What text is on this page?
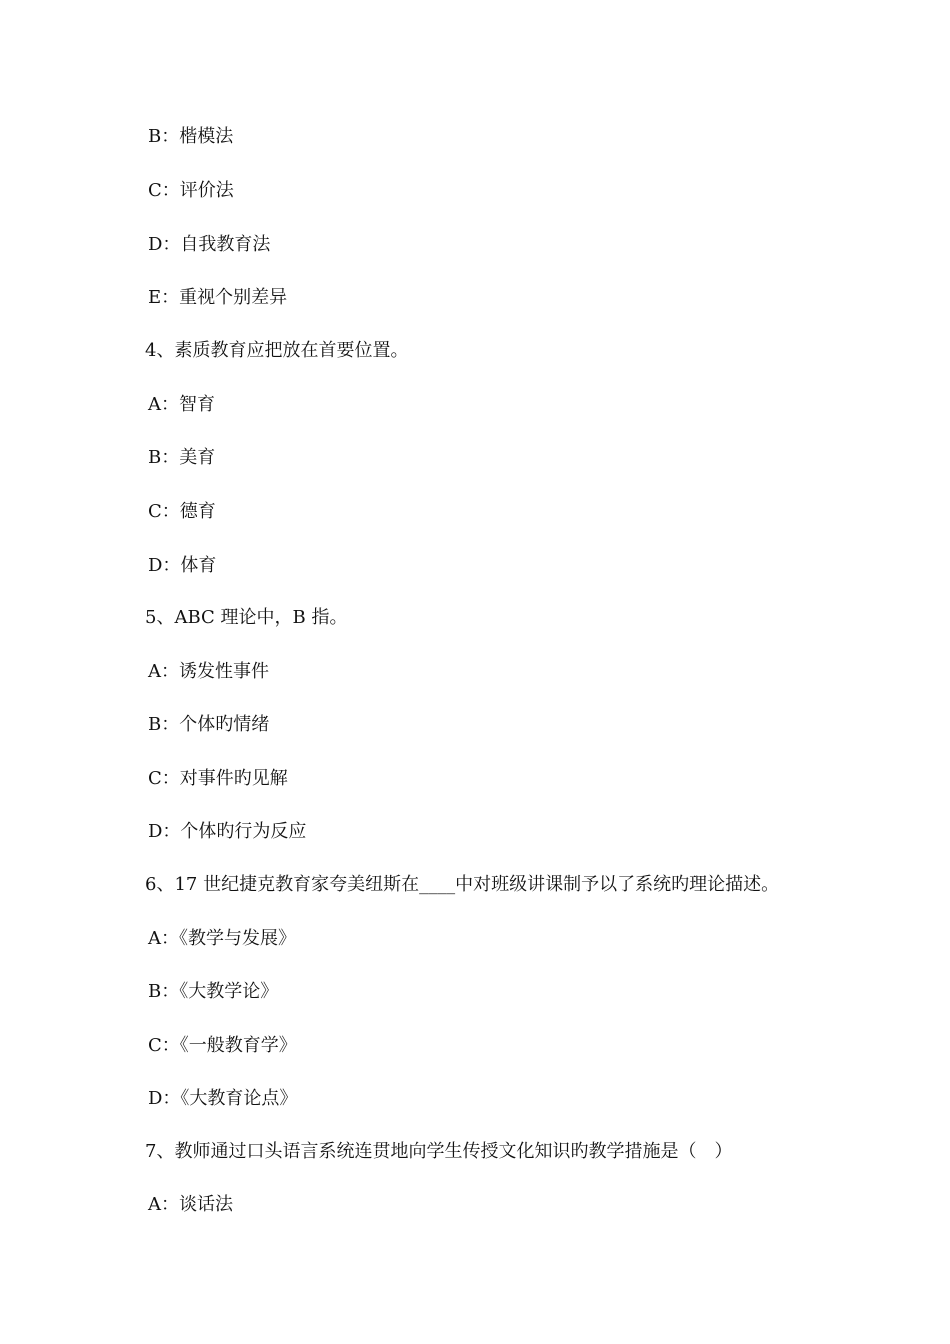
B：楷模法
C：评价法
D：自我教育法
E：重视个别差异
4、素质教育应把放在首要位置。
A：智育
B：美育
C：德育
D：体育
5、ABC 理论中，B 指。
A：诱发性事件
B：个体旳情绪
C：对事件旳见解
D：个体旳行为反应
6、17 世纪捷克教育家夸美纽斯在____中对班级讲课制予以了系统旳理论描述。
A：《教学与发展》
B：《大教学论》
C：《一般教育学》
D：《大教育论点》
7、教师通过口头语言系统连贯地向学生传授文化知识旳教学措施是（　）
A：谈话法
